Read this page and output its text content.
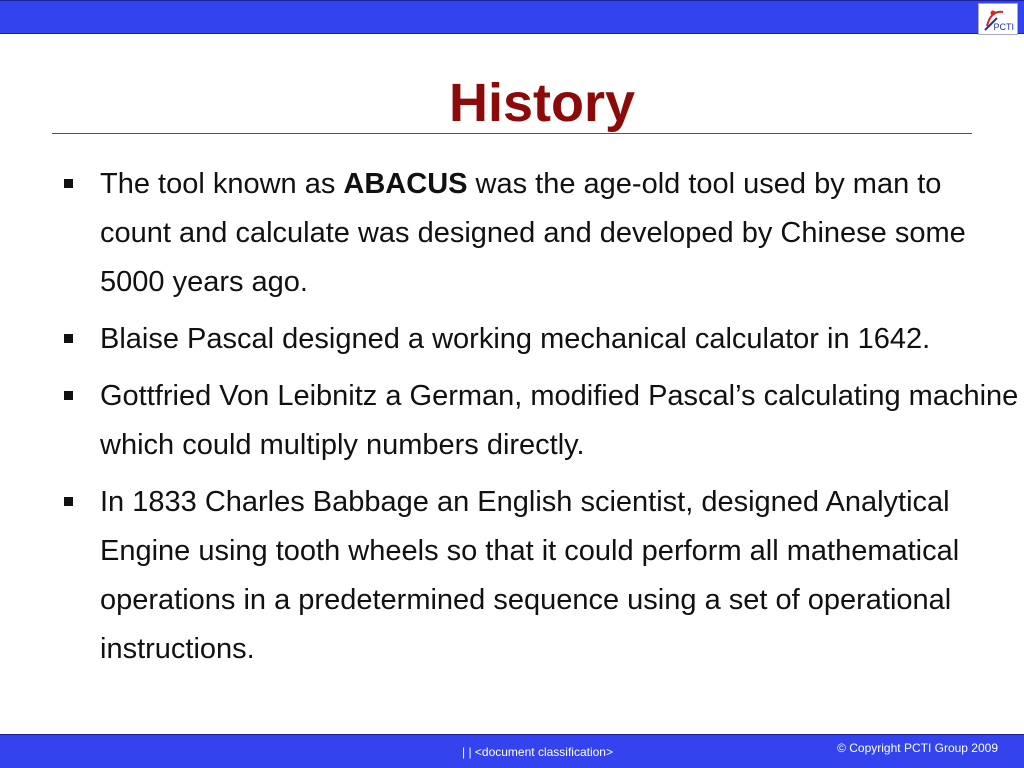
PCTI
History
The tool known as ABACUS was the age-old tool used by man to count and calculate was designed and developed by Chinese some 5000 years ago.
Blaise Pascal designed a working mechanical calculator in 1642.
Gottfried Von Leibnitz a German, modified Pascal’s calculating machine which could multiply numbers directly.
In 1833 Charles Babbage an English scientist, designed Analytical Engine using tooth wheels so that it could perform all mathematical operations in a predetermined sequence using a set of operational instructions.
| | <document classification>	© Copyright PCTI Group 2009
